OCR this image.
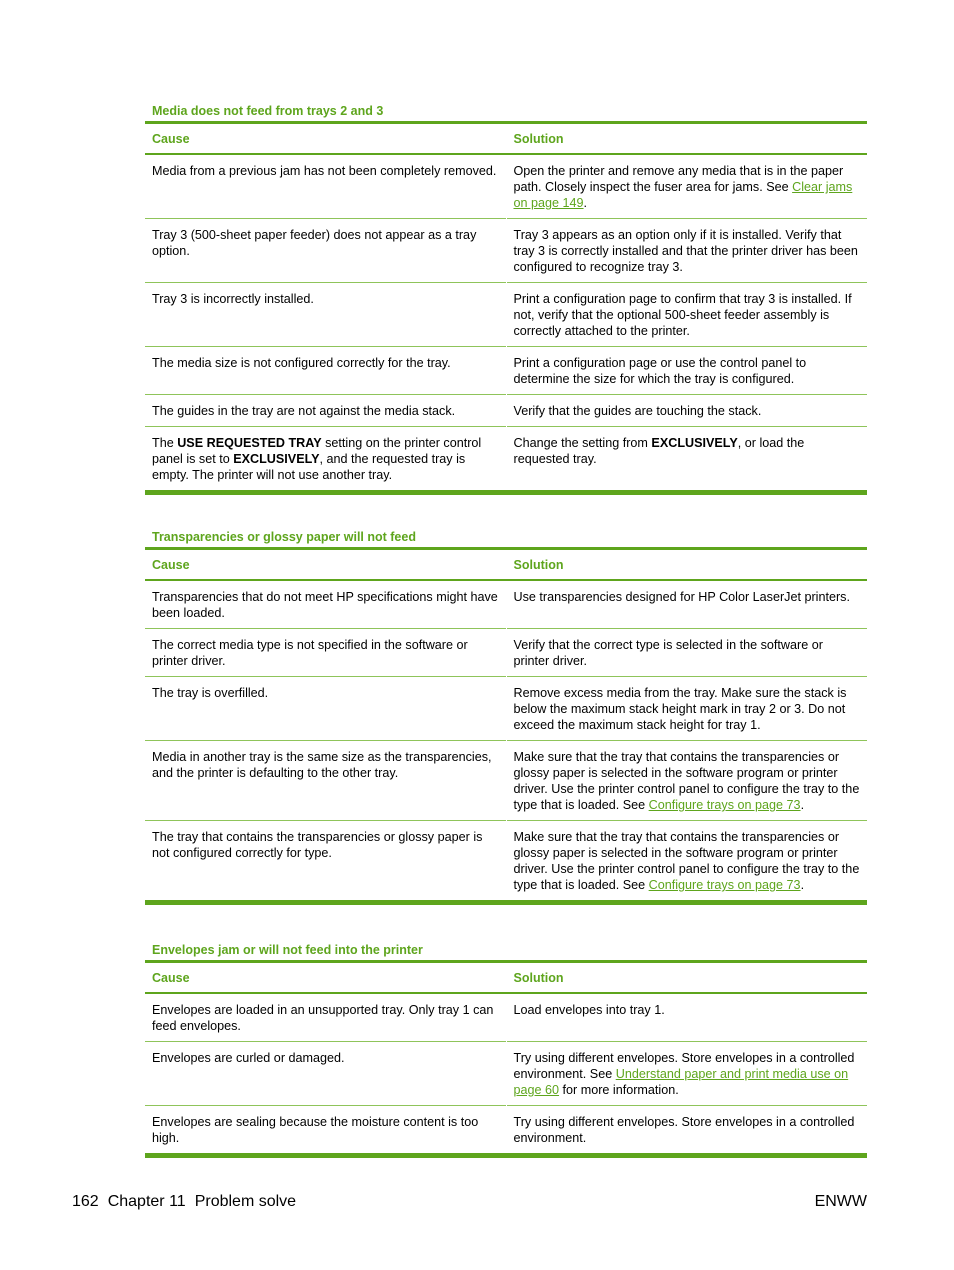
Media does not feed from trays 2 and 3
Cause	Solution
Media from a previous jam has not been completely removed.	Open the printer and remove any media that is in the paper path. Closely inspect the fuser area for jams. See Clear jams on page 149.
Tray 3 (500-sheet paper feeder) does not appear as a tray option.	Tray 3 appears as an option only if it is installed. Verify that tray 3 is correctly installed and that the printer driver has been configured to recognize tray 3.
Tray 3 is incorrectly installed.	Print a configuration page to confirm that tray 3 is installed. If not, verify that the optional 500-sheet feeder assembly is correctly attached to the printer.
The media size is not configured correctly for the tray.	Print a configuration page or use the control panel to determine the size for which the tray is configured.
The guides in the tray are not against the media stack.	Verify that the guides are touching the stack.
The USE REQUESTED TRAY setting on the printer control panel is set to EXCLUSIVELY, and the requested tray is empty. The printer will not use another tray.	Change the setting from EXCLUSIVELY, or load the requested tray.
Transparencies or glossy paper will not feed
Cause	Solution
Transparencies that do not meet HP specifications might have been loaded.	Use transparencies designed for HP Color LaserJet printers.
The correct media type is not specified in the software or printer driver.	Verify that the correct type is selected in the software or printer driver.
The tray is overfilled.	Remove excess media from the tray. Make sure the stack is below the maximum stack height mark in tray 2 or 3. Do not exceed the maximum stack height for tray 1.
Media in another tray is the same size as the transparencies, and the printer is defaulting to the other tray.	Make sure that the tray that contains the transparencies or glossy paper is selected in the software program or printer driver. Use the printer control panel to configure the tray to the type that is loaded. See Configure trays on page 73.
The tray that contains the transparencies or glossy paper is not configured correctly for type.	Make sure that the tray that contains the transparencies or glossy paper is selected in the software program or printer driver. Use the printer control panel to configure the tray to the type that is loaded. See Configure trays on page 73.
Envelopes jam or will not feed into the printer
Cause	Solution
Envelopes are loaded in an unsupported tray. Only tray 1 can feed envelopes.	Load envelopes into tray 1.
Envelopes are curled or damaged.	Try using different envelopes. Store envelopes in a controlled environment. See Understand paper and print media use on page 60 for more information.
Envelopes are sealing because the moisture content is too high.	Try using different envelopes. Store envelopes in a controlled environment.
162 Chapter 11 Problem solve	ENWW
